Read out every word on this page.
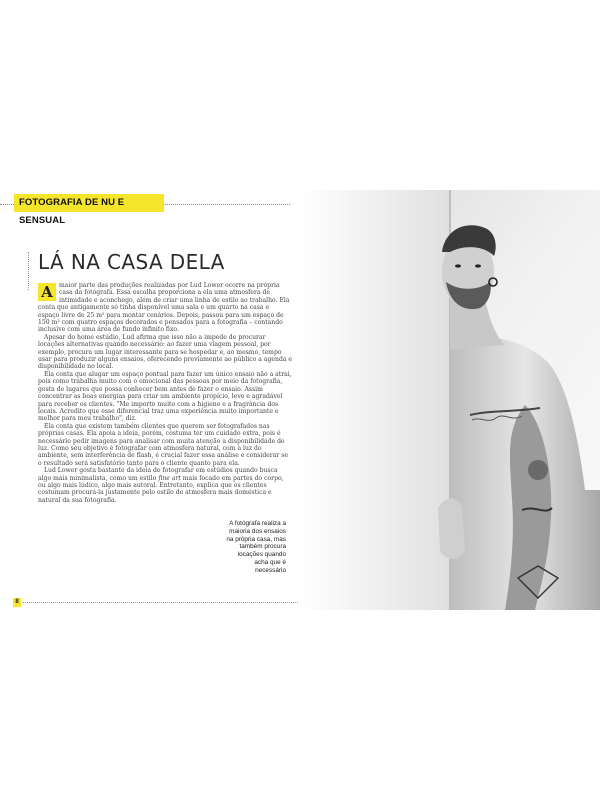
FOTOGRAFIA DE NU E SENSUAL
LÁ NA CASA DELA

A	maior parte das produções realizadas por Lud Lower ocorre na própria casa da fotógrafa. Essa escolha proporciona a ela uma atmosfera de intimidade e aconchego, além de criar uma linha de estilo ao trabalho. Ela conta que antigamente só tinha disponível uma sala e um quarto na casa e espaço livre de 25 m² para montar cenários. Depois, passou para um espaço de 150 m² com quatro espaços decorados e pensados para a fotografia – contando inclusive com uma área de fundo infinito fixo.

Apesar do home estúdio, Lud afirma que isso não a impede de procurar locações alternativas quando necessário: ao fazer uma viagem pessoal, por exemplo, procura um lugar interessante para se hospedar e, ao mesmo, tempo usar para produzir alguns ensaios, oferecendo previamente ao público a agenda e disponibilidade no local.

Ela conta que alugar um espaço pontual para fazer um único ensaio não a atrai, pois como trabalha muito com o emocional das pessoas por meio da fotografia, gosta de lugares que possa conhecer bem antes de fazer o ensaio. Assim concentrar as boas energias para criar um ambiente propício, leve e agradável para receber os clientes. "Me importo muito com a higiene e a fragrância dos locais. Acredito que esse diferencial traz uma experiência muito importante e melhor para meu trabalho", diz.

Ela conta que existem também clientes que querem ser fotografados nas próprias casas. Ela apoia a ideia, porém, costuma ter um cuidado extra, pois é necessário pedir imagens para analisar com muita atenção a disponibilidade de luz. Como seu objetivo é fotografar com atmosfera natural, com a luz do ambiente, sem interferência de flash, é crucial fazer essa análise e considerar se o resultado será satisfatório tanto para o cliente quanto para ela.

Lud Lower gosta bastante da ideia de fotografar em estúdios quando busca algo mais minimalista, como um estilo fine art mais focado em partes do corpo, ou algo mais lúdico, algo mais autoral. Entretanto, explica que os clientes costumam procurá-la justamente pelo estilo de atmosfera mais doméstica e natural da sua fotografia.

A fotógrafa realiza a maioria dos ensaios na própria casa, mas também procura locações quando acha que é necessário
8
